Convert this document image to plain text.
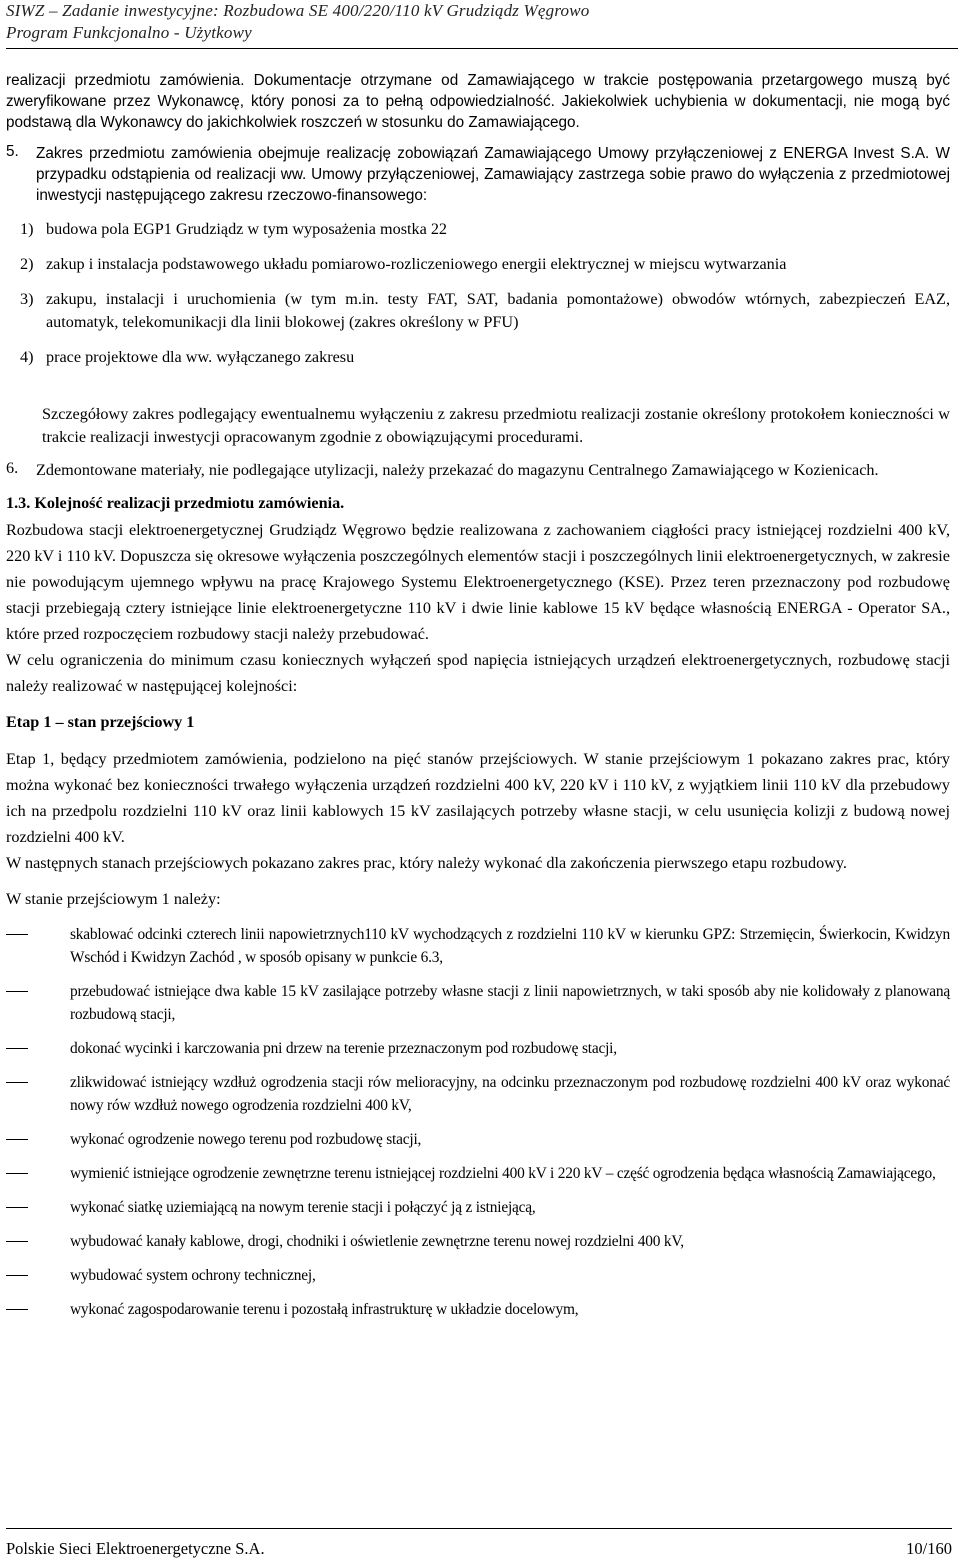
SIWZ – Zadanie inwestycyjne: Rozbudowa SE 400/220/110 kV Grudziądz Węgrowo
Program Funkcjonalno - Użytkowy

realizacji przedmiotu zamówienia. Dokumentacje otrzymane od Zamawiającego w trakcie postępowania przetargowego muszą być zweryfikowane przez Wykonawcę, który ponosi za to pełną odpowiedzialność. Jakiekolwiek uchybienia w dokumentacji, nie mogą być podstawą dla Wykonawcy do jakichkolwiek roszczeń w stosunku do Zamawiającego.

5.	Zakres przedmiotu zamówienia obejmuje realizację zobowiązań Zamawiającego Umowy przyłączeniowej z ENERGA Invest S.A. W przypadku odstąpienia od realizacji ww. Umowy przyłączeniowej, Zamawiający zastrzega sobie prawo do wyłączenia z przedmiotowej inwestycji następującego zakresu rzeczowo-finansowego:
1) budowa pola EGP1 Grudziądz w tym wyposażenia mostka 22
2) zakup i instalacja podstawowego układu pomiarowo-rozliczeniowego energii elektrycznej w miejscu wytwarzania
3) zakupu, instalacji i uruchomienia (w tym m.in. testy FAT, SAT, badania pomontażowe) obwodów wtórnych, zabezpieczeń EAZ, automatyk, telekomunikacji dla linii blokowej (zakres określony w PFU)
4) prace projektowe dla ww. wyłączanego zakresu

Szczegółowy zakres podlegający ewentualnemu wyłączeniu z zakresu przedmiotu realizacji zostanie określony protokołem konieczności w trakcie realizacji inwestycji opracowanym zgodnie z obowiązującymi procedurami.

6.	Zdemontowane materiały, nie podlegające utylizacji, należy przekazać do magazynu Centralnego Zamawiającego w Kozienicach.

1.3. Kolejność realizacji przedmiotu zamówienia.

Rozbudowa stacji elektroenergetycznej Grudziądz Węgrowo będzie realizowana z zachowaniem ciągłości pracy istniejącej rozdzielni 400 kV, 220 kV i 110 kV. Dopuszcza się okresowe wyłączenia poszczególnych elementów stacji i poszczególnych linii elektroenergetycznych, w zakresie nie powodującym ujemnego wpływu na pracę Krajowego Systemu Elektroenergetycznego (KSE). Przez teren przeznaczony pod rozbudowę stacji przebiegają cztery istniejące linie elektroenergetyczne 110 kV i dwie linie kablowe 15 kV będące własnością ENERGA - Operator SA., które przed rozpoczęciem rozbudowy stacji należy przebudować.

W celu ograniczenia do minimum czasu koniecznych wyłączeń spod napięcia istniejących urządzeń elektroenergetycznych, rozbudowę stacji należy realizować w następującej kolejności:

Etap 1 – stan przejściowy 1

Etap 1, będący przedmiotem zamówienia, podzielono na pięć stanów przejściowych. W stanie przejściowym 1 pokazano zakres prac, który można wykonać bez konieczności trwałego wyłączenia urządzeń rozdzielni 400 kV, 220 kV i 110 kV, z wyjątkiem linii 110 kV dla przebudowy ich na przedpolu rozdzielni 110 kV oraz linii kablowych 15 kV zasilających potrzeby własne stacji, w celu usunięcia kolizji z budową nowej rozdzielni 400 kV.

W następnych stanach przejściowych pokazano zakres prac, który należy wykonać dla zakończenia pierwszego etapu rozbudowy.

W stanie przejściowym 1 należy:

skablować odcinki czterech linii napowietrznych110 kV wychodzących z rozdzielni 110 kV w kierunku GPZ: Strzemięcin, Świerkocin, Kwidzyn Wschód i Kwidzyn Zachód , w sposób opisany w punkcie 6.3,
przebudować istniejące dwa kable 15 kV zasilające potrzeby własne stacji z linii napowietrznych, w taki sposób aby nie kolidowały z planowaną rozbudową stacji,
dokonać wycinki i karczowania pni drzew na terenie przeznaczonym pod rozbudowę stacji,
zlikwidować istniejący wzdłuż ogrodzenia stacji rów melioracyjny, na odcinku przeznaczonym pod rozbudowę rozdzielni 400 kV oraz wykonać nowy rów wzdłuż nowego ogrodzenia rozdzielni 400 kV,
wykonać ogrodzenie nowego terenu pod rozbudowę stacji,
wymienić istniejące ogrodzenie zewnętrzne terenu istniejącej rozdzielni 400 kV i 220 kV – część ogrodzenia będąca własnością Zamawiającego,
wykonać siatkę uziemiającą na nowym terenie stacji i połączyć ją z istniejącą,
wybudować kanały kablowe, drogi, chodniki i oświetlenie zewnętrzne terenu nowej rozdzielni 400 kV,
wybudować system ochrony technicznej,
wykonać zagospodarowanie terenu i pozostałą infrastrukturę w układzie docelowym,
Polskie Sieci Elektroenergetyczne S.A.	10/160
